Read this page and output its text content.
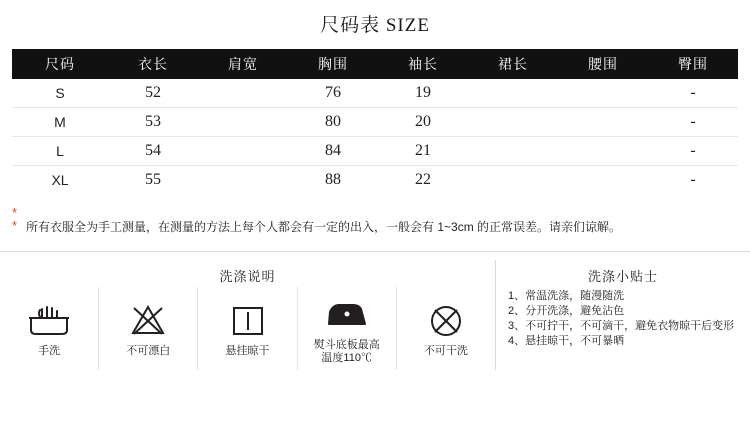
尺码表 SIZE
尺码	衣长	肩宽	胸围	袖长	裙长	腰围	臀围
S	52		76	19			-
M	53		80	20			-
L	54		84	21			-
XL	55		88	22			-
*
* 所有衣服全为手工测量，在测量的方法上每个人都会有一定的出入，一般会有 1~3cm 的正常误差。请亲们谅解。
洗涤说明
手洗	不可漂白	悬挂晾干
熨斗底板最高
温度110℃
不可干洗
洗涤小贴士
1、常温洗涤，随漫随洗
2、分开洗涤，避免沾色
3、不可拧干，不可滴干，避免衣物晾干后变形
4、悬挂晾干，不可暴晒
